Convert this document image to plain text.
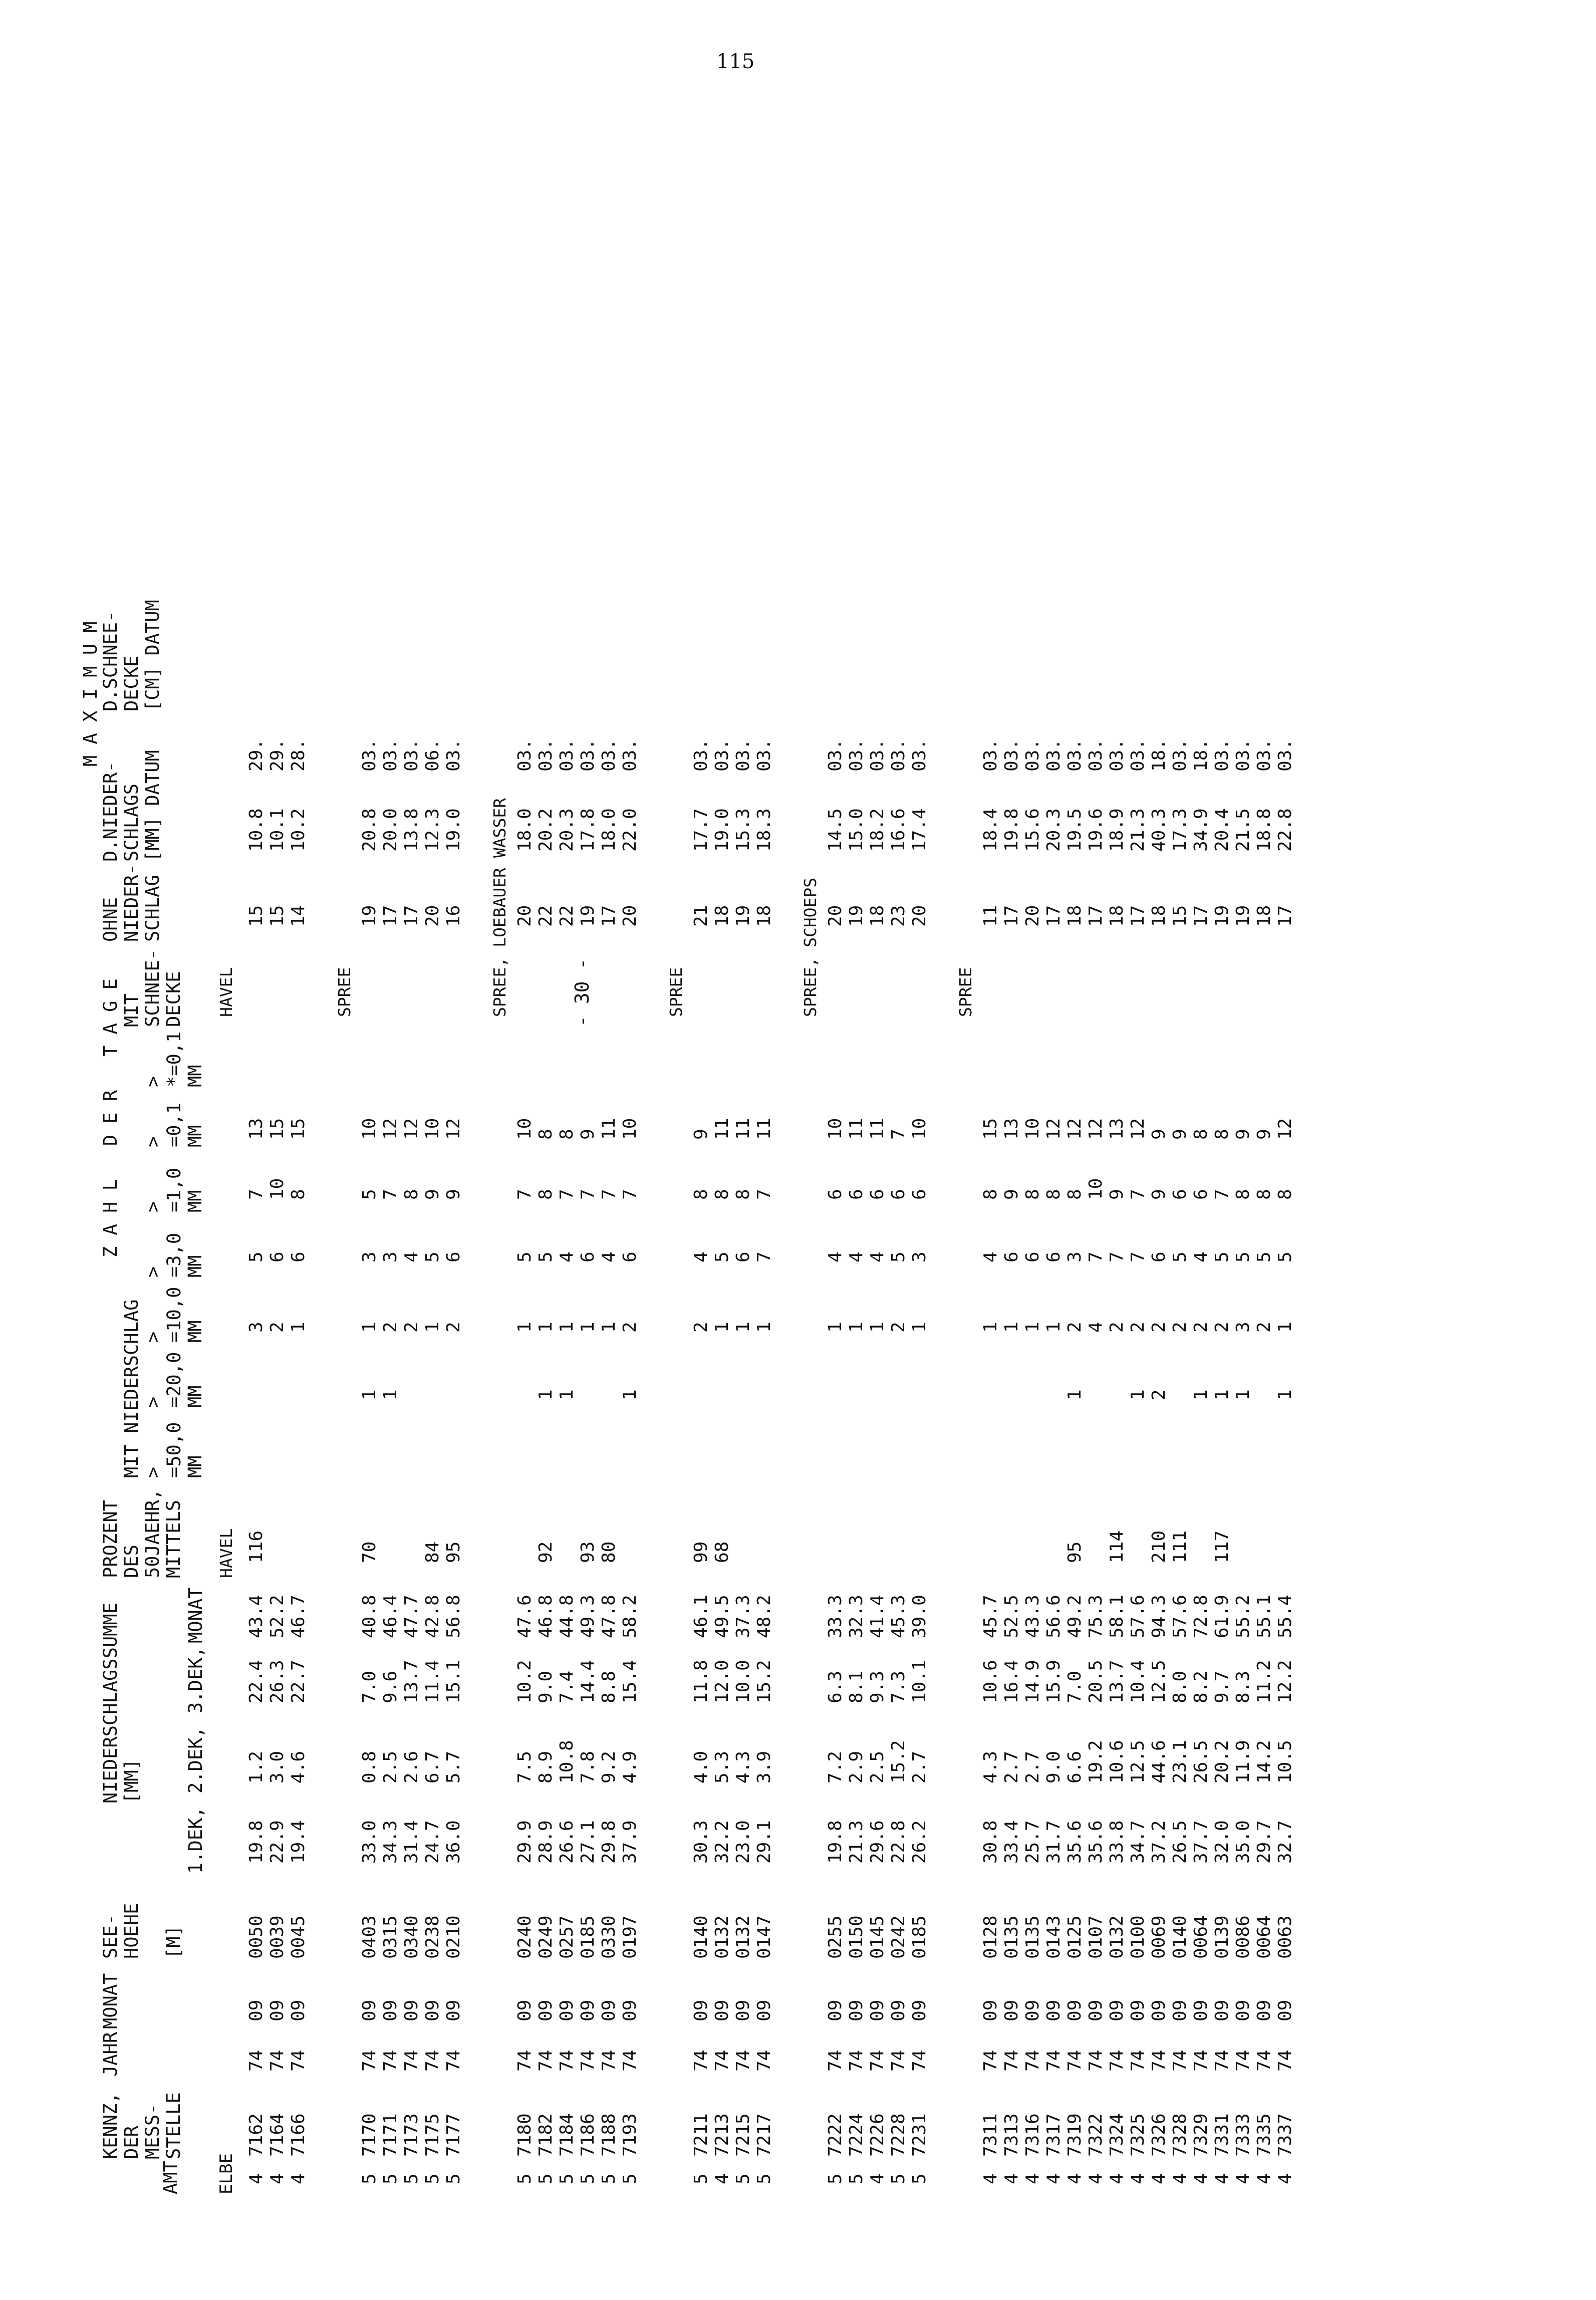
115
- 30 -
AMT
KENNZ,
DER
MESS-
STELLE
JAHR
MONAT
SEE-
HOEHE

[M]
NIEDERSCHLAGSSUMME
[MM]
1.DEK,
2.DEK,
3.DEK,
MONAT
PROZENT
DES
50JAEHR,
MITTELS
Z A H L   D E R   T A G E
MIT NIEDERSCHLAG >
=50,0
MM
>
=20,0
MM
>
=10,0
MM
>
=3,0
MM
>
=1,0
MM
>
=0,1
MM
>
*=0,1
MM
MIT
SCHNEE-
DECKE
OHNE
NIEDER-
SCHLAG
M A X I M U M
D.NIEDER-
SCHLAGS
[MM] DATUM
D.SCHNEE-
DECKE
[CM] DATUM
ELBE
HAVEL
HAVEL
4
7162
74
09
0050
19.8
1.2
22.4
43.4
116
3
5
7
13
15
10.8
29.
4
7164
74
09
0039
22.9
3.0
26.3
52.2
2
6
10
15
15
10.1
29.
4
7166
74
09
0045
19.4
4.6
22.7
46.7
1
6
8
15
14
10.2
28.
SPREE
5
7170
74
09
0403
33.0
0.8
7.0
40.8
70
1
1
3
5
10
19
20.8
03.
5
7171
74
09
0315
34.3
2.5
9.6
46.4
1
2
3
7
12
17
20.0
03.
5
7173
74
09
0340
31.4
2.6
13.7
47.7
2
4
8
12
17
13.8
03.
5
7175
74
09
0238
24.7
6.7
11.4
42.8
84
1
5
9
10
20
12.3
06.
5
7177
74
09
0210
36.0
5.7
15.1
56.8
95
2
6
9
12
16
19.0
03.
SPREE, LOEBAUER WASSER
5
7180
74
09
0240
29.9
7.5
10.2
47.6
1
5
7
10
20
18.0
03.
5
7182
74
09
0249
28.9
8.9
9.0
46.8
92
1
1
5
8
8
22
20.2
03.
5
7184
74
09
0257
26.6
10.8
7.4
44.8
1
1
4
7
8
22
20.3
03.
5
7186
74
09
0185
27.1
7.8
14.4
49.3
93
1
6
7
9
19
17.8
03.
5
7188
74
09
0330
29.8
9.2
8.8
47.8
80
1
4
7
11
17
18.0
03.
5
7193
74
09
0197
37.9
4.9
15.4
58.2
1
2
6
7
10
20
22.0
03.
SPREE
5
7211
74
09
0140
30.3
4.0
11.8
46.1
99
2
4
8
9
21
17.7
03.
4
7213
74
09
0132
32.2
5.3
12.0
49.5
68
1
5
8
11
18
19.0
03.
5
7215
74
09
0132
23.0
4.3
10.0
37.3
1
6
8
11
19
15.3
03.
5
7217
74
09
0147
29.1
3.9
15.2
48.2
1
7
7
11
18
18.3
03.
SPREE, SCHOEPS
5
7222
74
09
0255
19.8
7.2
6.3
33.3
1
4
6
10
20
14.5
03.
5
7224
74
09
0150
21.3
2.9
8.1
32.3
1
4
6
11
19
15.0
03.
4
7226
74
09
0145
29.6
2.5
9.3
41.4
1
4
6
11
18
18.2
03.
5
7228
74
09
0242
22.8
15.2
7.3
45.3
2
5
6
7
23
16.6
03.
5
7231
74
09
0185
26.2
2.7
10.1
39.0
1
3
6
10
20
17.4
03.
SPREE
4
7311
74
09
0128
30.8
4.3
10.6
45.7
1
4
8
15
11
18.4
03.
4
7313
74
09
0135
33.4
2.7
16.4
52.5
1
6
9
13
17
19.8
03.
4
7316
74
09
0135
25.7
2.7
14.9
43.3
1
6
8
10
20
15.6
03.
4
7317
74
09
0143
31.7
9.0
15.9
56.6
1
6
8
12
17
20.3
03.
4
7319
74
09
0125
35.6
6.6
7.0
49.2
95
1
2
3
8
12
18
19.5
03.
4
7322
74
09
0107
35.6
19.2
20.5
75.3
4
7
10
12
17
19.6
03.
4
7324
74
09
0132
33.8
10.6
13.7
58.1
114
2
7
9
13
18
18.9
03.
4
7325
74
09
0100
34.7
12.5
10.4
57.6
1
2
7
7
12
17
21.3
03.
4
7326
74
09
0069
37.2
44.6
12.5
94.3
210
2
2
6
9
9
18
40.3
18.
4
7328
74
09
0140
26.5
23.1
8.0
57.6
111
2
5
6
9
15
17.3
03.
4
7329
74
09
0064
37.7
26.5
8.2
72.8
1
2
4
6
8
17
34.9
18.
4
7331
74
09
0139
32.0
20.2
9.7
61.9
117
1
2
5
7
8
19
20.4
03.
4
7333
74
09
0086
35.0
11.9
8.3
55.2
1
3
5
8
9
19
21.5
03.
4
7335
74
09
0064
29.7
14.2
11.2
55.1
2
5
8
9
18
18.8
03.
4
7337
74
09
0063
32.7
10.5
12.2
55.4
1
1
5
8
12
17
22.8
03.
